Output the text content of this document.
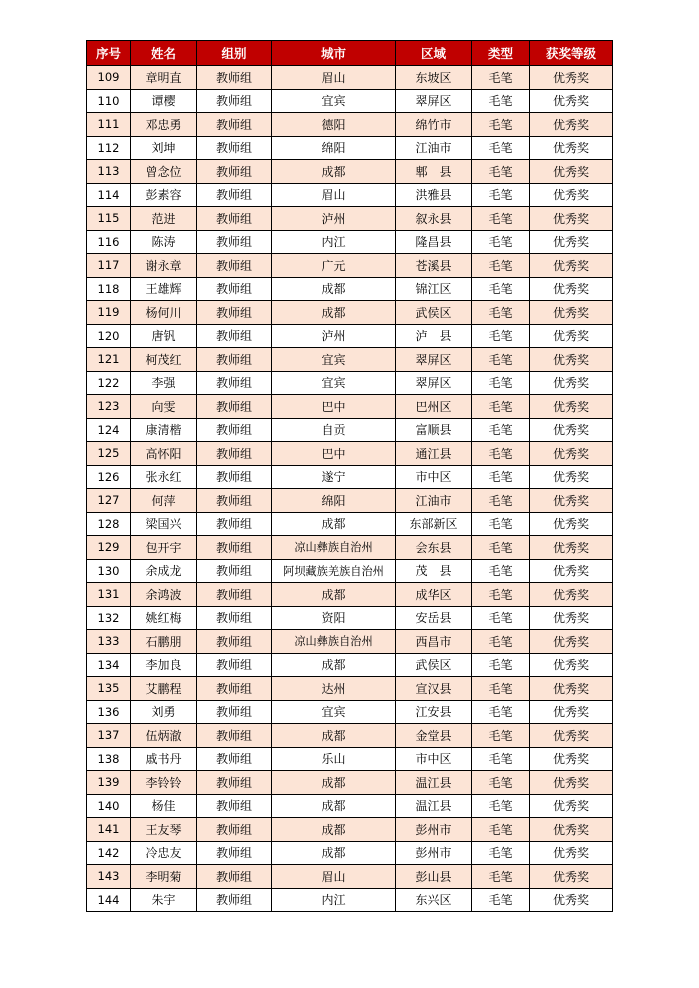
序号	姓名	组别	城市	区域	类型	获奖等级
109	章明直	教师组	眉山	东坡区	毛笔	优秀奖
110	谭樱	教师组	宜宾	翠屏区	毛笔	优秀奖
111	邓忠勇	教师组	德阳	绵竹市	毛笔	优秀奖
112	刘坤	教师组	绵阳	江油市	毛笔	优秀奖
113	曾念位	教师组	成都	郫　县	毛笔	优秀奖
114	彭素容	教师组	眉山	洪雅县	毛笔	优秀奖
115	范进	教师组	泸州	叙永县	毛笔	优秀奖
116	陈涛	教师组	内江	隆昌县	毛笔	优秀奖
117	谢永章	教师组	广元	苍溪县	毛笔	优秀奖
118	王雄辉	教师组	成都	锦江区	毛笔	优秀奖
119	杨何川	教师组	成都	武侯区	毛笔	优秀奖
120	唐钒	教师组	泸州	泸　县	毛笔	优秀奖
121	柯茂红	教师组	宜宾	翠屏区	毛笔	优秀奖
122	李强	教师组	宜宾	翠屏区	毛笔	优秀奖
123	向雯	教师组	巴中	巴州区	毛笔	优秀奖
124	康清楷	教师组	自贡	富顺县	毛笔	优秀奖
125	高怀阳	教师组	巴中	通江县	毛笔	优秀奖
126	张永红	教师组	遂宁	市中区	毛笔	优秀奖
127	何萍	教师组	绵阳	江油市	毛笔	优秀奖
128	梁国兴	教师组	成都	东部新区	毛笔	优秀奖
129	包开宇	教师组	凉山彝族自治州	会东县	毛笔	优秀奖
130	余成龙	教师组	阿坝藏族羌族自治州	茂　县	毛笔	优秀奖
131	余鸿波	教师组	成都	成华区	毛笔	优秀奖
132	姚红梅	教师组	资阳	安岳县	毛笔	优秀奖
133	石鹏朋	教师组	凉山彝族自治州	西昌市	毛笔	优秀奖
134	李加良	教师组	成都	武侯区	毛笔	优秀奖
135	艾鹏程	教师组	达州	宣汉县	毛笔	优秀奖
136	刘勇	教师组	宜宾	江安县	毛笔	优秀奖
137	伍炳澈	教师组	成都	金堂县	毛笔	优秀奖
138	戚书丹	教师组	乐山	市中区	毛笔	优秀奖
139	李铃铃	教师组	成都	温江县	毛笔	优秀奖
140	杨佳	教师组	成都	温江县	毛笔	优秀奖
141	王友琴	教师组	成都	彭州市	毛笔	优秀奖
142	冷忠友	教师组	成都	彭州市	毛笔	优秀奖
143	李明菊	教师组	眉山	彭山县	毛笔	优秀奖
144	朱宇	教师组	内江	东兴区	毛笔	优秀奖
